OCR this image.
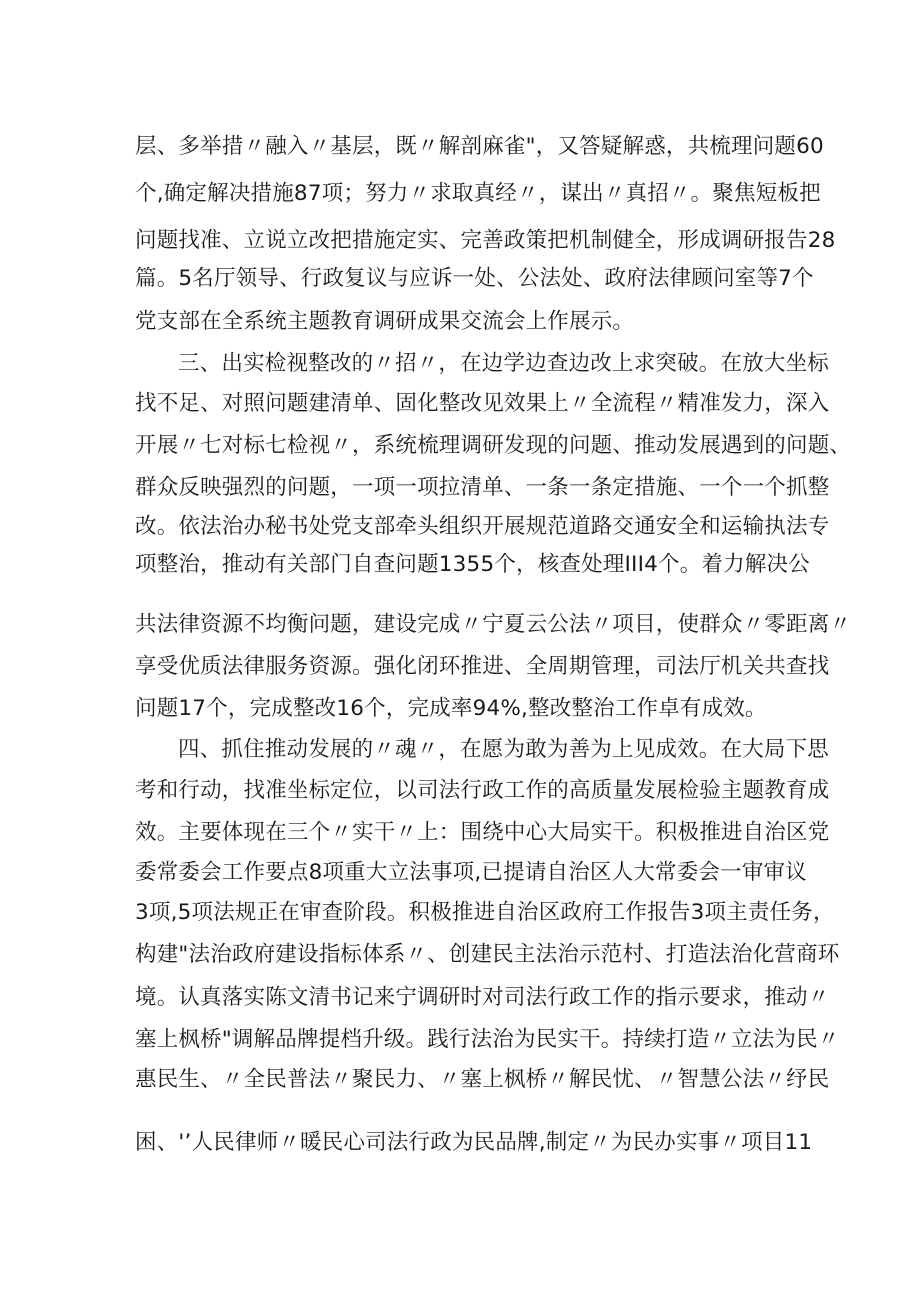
层、多举措〃融入〃基层，既〃解剖麻雀"，又答疑解惑，共梳理问题60
个,确定解决措施87项；努力〃求取真经〃，谋出〃真招〃。聚焦短板把
问题找准、立说立改把措施定实、完善政策把机制健全，形成调研报告28
篇。5名厅领导、行政复议与应诉一处、公法处、政府法律顾问室等7个
党支部在全系统主题教育调研成果交流会上作展示。
三、出实检视整改的〃招〃，在边学边查边改上求突破。在放大坐标
找不足、对照问题建清单、固化整改见效果上〃全流程〃精准发力，深入
开展〃七对标七检视〃，系统梳理调研发现的问题、推动发展遇到的问题、
群众反映强烈的问题，一项一项拉清单、一条一条定措施、一个一个抓整
改。依法治办秘书处党支部牵头组织开展规范道路交通安全和运输执法专
项整治，推动有关部门自查问题1355个，核查处理III4个。着力解决公
共法律资源不均衡问题，建设完成〃宁夏云公法〃项目，使群众〃零距离〃
享受优质法律服务资源。强化闭环推进、全周期管理，司法厅机关共查找
问题17个，完成整改16个，完成率94%,整改整治工作卓有成效。
四、抓住推动发展的〃魂〃，在愿为敢为善为上见成效。在大局下思
考和行动，找准坐标定位，以司法行政工作的高质量发展检验主题教育成
效。主要体现在三个〃实干〃上：围绕中心大局实干。积极推进自治区党
委常委会工作要点8项重大立法事项,已提请自治区人大常委会一审审议
3项,5项法规正在审查阶段。积极推进自治区政府工作报告3项主责任务，
构建"法治政府建设指标体系〃、创建民主法治示范村、打造法治化营商环
境。认真落实陈文清书记来宁调研时对司法行政工作的指示要求，推动〃
塞上枫桥"调解品牌提档升级。践行法治为民实干。持续打造〃立法为民〃
惠民生、〃全民普法〃聚民力、〃塞上枫桥〃解民忧、〃智慧公法〃纾民
困、'’人民律师〃暖民心司法行政为民品牌,制定〃为民办实事〃项目11
